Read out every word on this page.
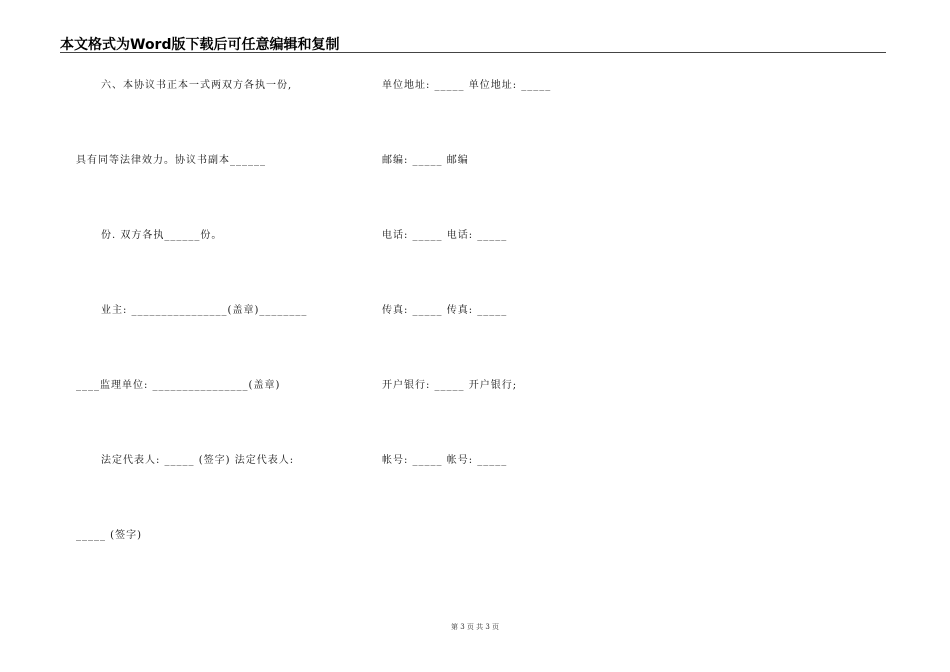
本文格式为Word版下载后可任意编辑和复制
六、本协议书正本一式两双方各执一份,
具有同等法律效力。协议书副本______
份. 双方各执______份。
业主: ________________(盖章)________
____监理单位: ________________(盖章)
法定代表人: _____ (签字) 法定代表人:
_____ (签字)
单位地址: _____ 单位地址: _____
邮编: _____ 邮编
电话: _____ 电话: _____
传真: _____ 传真: _____
开户银行: _____ 开户银行;
帐号: _____ 帐号: _____
第 3 页 共 3 页
